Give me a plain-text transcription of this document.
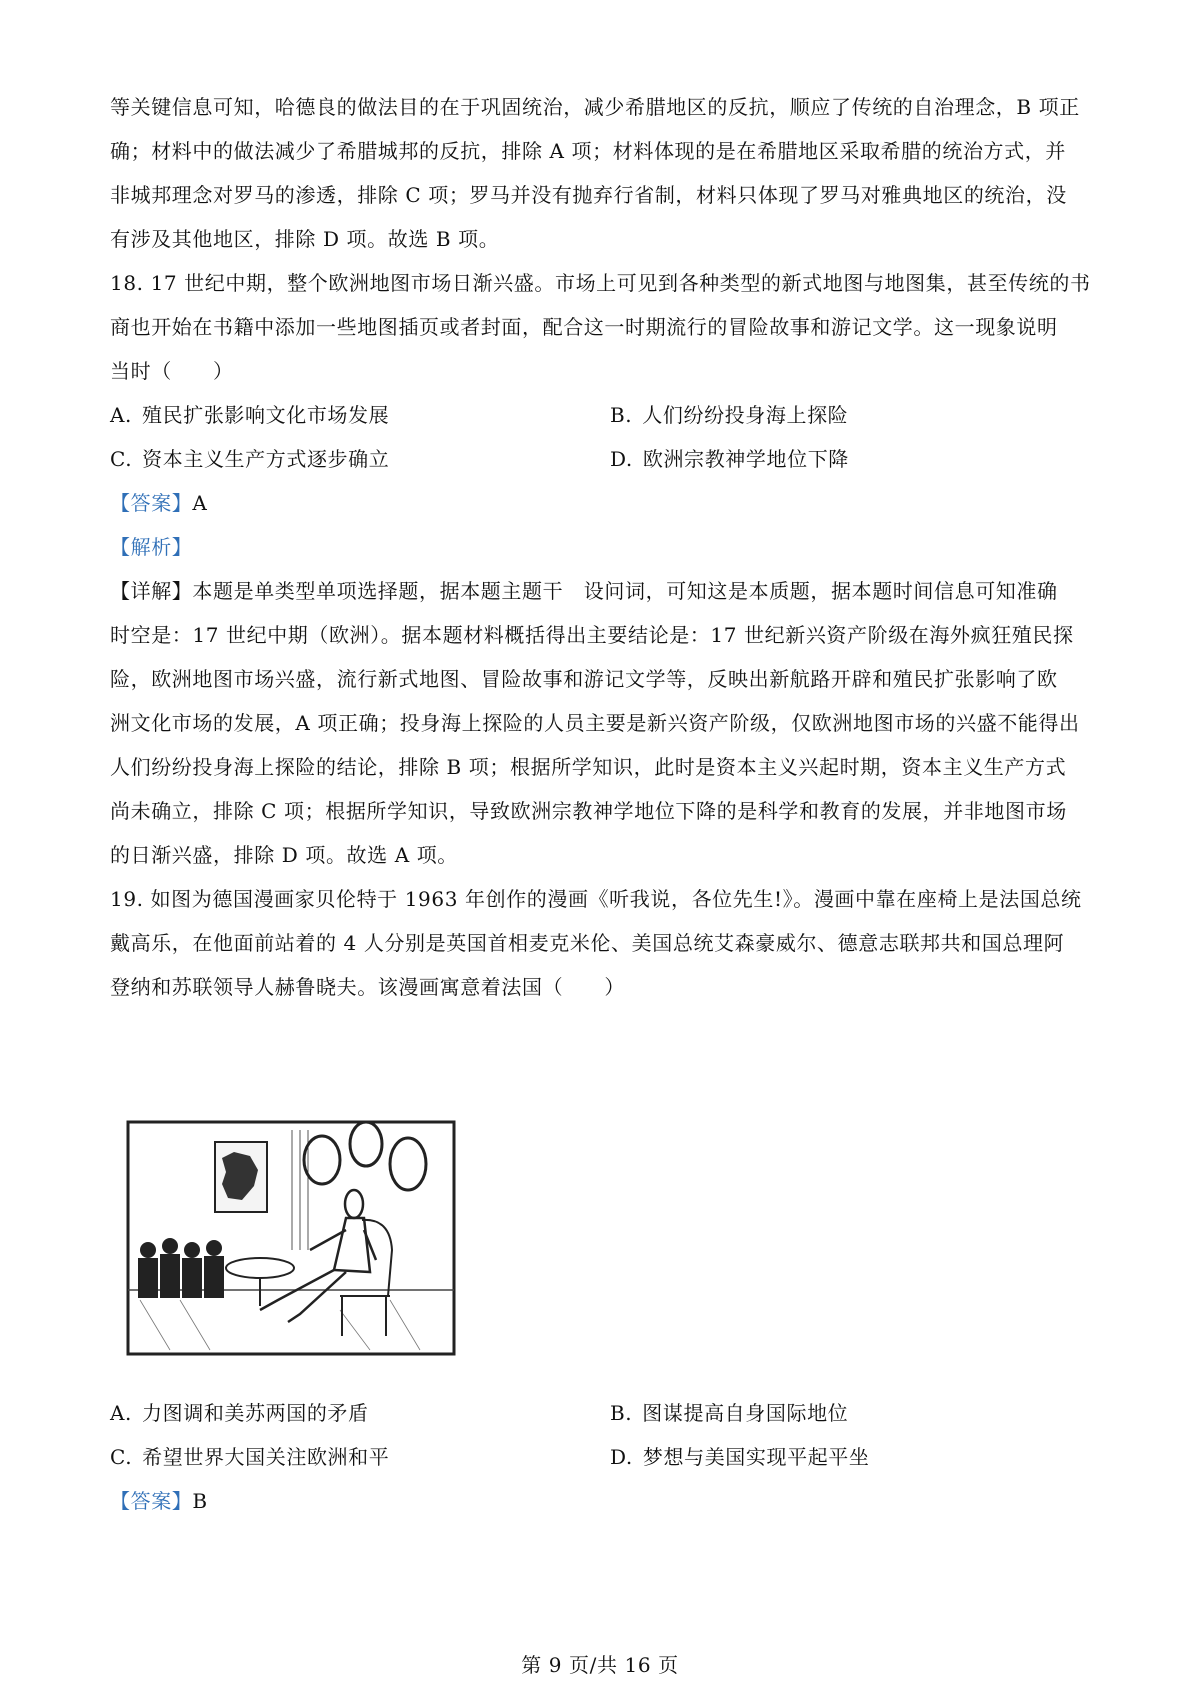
等关键信息可知，哈德良的做法目的在于巩固统治，减少希腊地区的反抗，顺应了传统的自治理念，B 项正
确；材料中的做法减少了希腊城邦的反抗，排除 A 项；材料体现的是在希腊地区采取希腊的统治方式，并
非城邦理念对罗马的渗透，排除 C 项；罗马并没有抛弃行省制，材料只体现了罗马对雅典地区的统治，没
有涉及其他地区，排除 D 项。故选 B 项。
18. 17 世纪中期，整个欧洲地图市场日渐兴盛。市场上可见到各种类型的新式地图与地图集，甚至传统的书
商也开始在书籍中添加一些地图插页或者封面，配合这一时期流行的冒险故事和游记文学。这一现象说明
当时（　　）
A. 殖民扩张影响文化市场发展	B. 人们纷纷投身海上探险
C. 资本主义生产方式逐步确立	D. 欧洲宗教神学地位下降
【答案】A
【解析】
【详解】本题是单类型单项选择题，据本题主题干　设问词，可知这是本质题，据本题时间信息可知准确
时空是：17 世纪中期（欧洲）。据本题材料概括得出主要结论是：17 世纪新兴资产阶级在海外疯狂殖民探
险，欧洲地图市场兴盛，流行新式地图、冒险故事和游记文学等，反映出新航路开辟和殖民扩张影响了欧
洲文化市场的发展，A 项正确；投身海上探险的人员主要是新兴资产阶级，仅欧洲地图市场的兴盛不能得出
人们纷纷投身海上探险的结论，排除 B 项；根据所学知识，此时是资本主义兴起时期，资本主义生产方式
尚未确立，排除 C 项；根据所学知识，导致欧洲宗教神学地位下降的是科学和教育的发展，并非地图市场
的日渐兴盛，排除 D 项。故选 A 项。
19. 如图为德国漫画家贝伦特于 1963 年创作的漫画《听我说，各位先生!》。漫画中靠在座椅上是法国总统
戴高乐，在他面前站着的 4 人分别是英国首相麦克米伦、美国总统艾森豪威尔、德意志联邦共和国总理阿
登纳和苏联领导人赫鲁晓夫。该漫画寓意着法国（　　）
A. 力图调和美苏两国的矛盾	B. 图谋提高自身国际地位
C. 希望世界大国关注欧洲和平	D. 梦想与美国实现平起平坐
【答案】B
第 9 页/共 16 页
